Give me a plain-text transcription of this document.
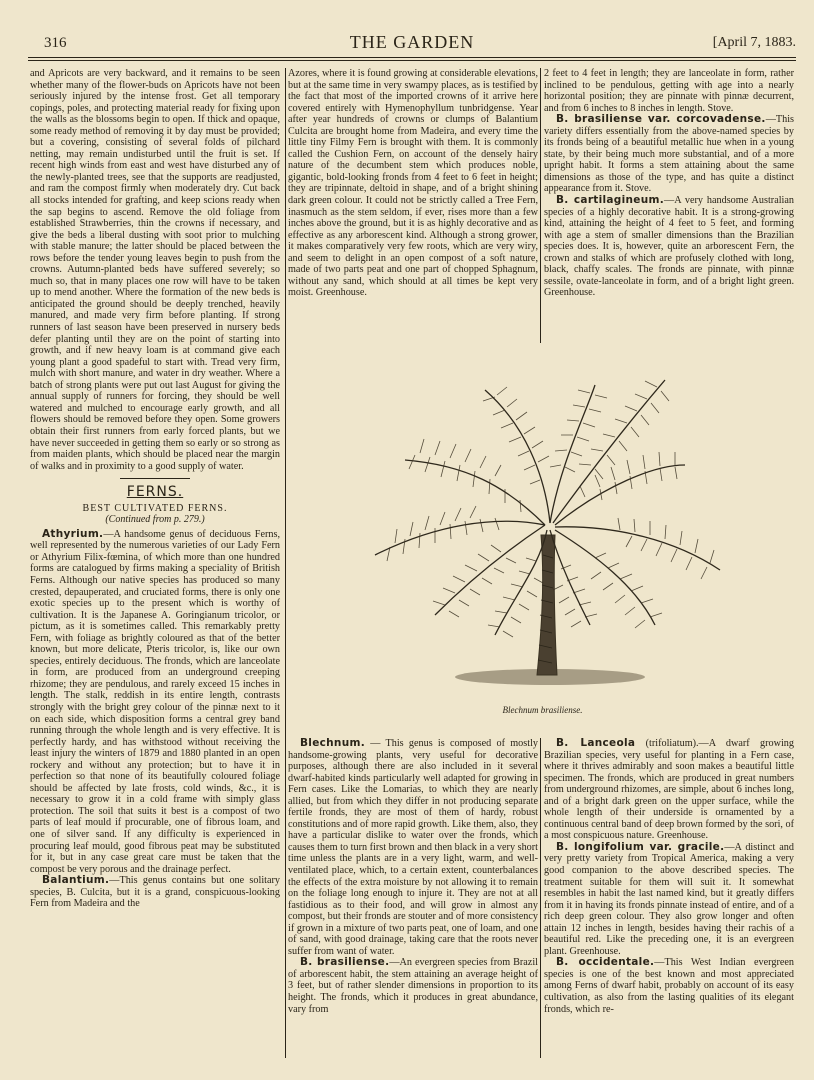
316	THE GARDEN	[April 7, 1883.

and Apricots are very backward, and it remains to be seen whether many of the flower-buds on Apricots have not been seriously injured by the intense frost. Get all temporary copings, poles, and protecting material ready for fixing upon the walls as the blossoms begin to open. If thick and opaque, some ready method of removing it by day must be provided; but a covering, consisting of several folds of pilchard netting, may remain undisturbed until the fruit is set. If recent high winds from east and west have disturbed any of the newly-planted trees, see that the supports are readjusted, and ram the compost firmly when moderately dry. Cut back all stocks intended for grafting, and keep scions ready when the sap begins to ascend. Remove the old foliage from established Strawberries, thin the crowns if necessary, and give the beds a liberal dusting with soot prior to mulching with stable manure; the latter should be placed between the rows before the tender young leaves begin to push from the crowns. Autumn-planted beds have suffered severely; so much so, that in many places one row will have to be taken up to mend another. Where the formation of the new beds is anticipated the ground should be deeply trenched, heavily manured, and made very firm before planting. If strong runners of last season have been preserved in nursery beds defer planting until they are on the point of starting into growth, and if new heavy loam is at command give each young plant a good spadeful to start with. Tread very firm, mulch with short manure, and water in dry weather. Where a batch of strong plants were put out last August for giving the annual supply of runners for forcing, they should be well watered and mulched to encourage early growth, and all flowers should be removed before they open. Some growers obtain their first runners from early forced plants, but we have never succeeded in getting them so early or so strong as from maiden plants, which should be placed near the margin of walks and in proximity to a good supply of water.

FERNS.
BEST CULTIVATED FERNS.
(Continued from p. 279.)

Athyrium.—A handsome genus of deciduous Ferns, well represented by the numerous varieties of our Lady Fern or Athyrium Filix-fœmina, of which more than one hundred forms are catalogued by firms making a speciality of British Ferns. Although our native species has produced so many crested, depauperated, and cruciated forms, there is only one exotic species up to the present which is worthy of cultivation. It is the Japanese A. Goringianum tricolor, or pictum, as it is sometimes called. This remarkably pretty Fern, with foliage as brightly coloured as that of the better known, but more delicate, Pteris tricolor, is, like our own species, entirely deciduous. The fronds, which are lanceolate in form, are produced from an underground creeping rhizome; they are pendulous, and rarely exceed 15 inches in length. The stalk, reddish in its entire length, contrasts strongly with the bright grey colour of the pinnæ next to it on each side, which disposition forms a central grey band running through the whole length and is very effective. It is perfectly hardy, and has withstood without receiving the least injury the winters of 1879 and 1880 planted in an open rockery and without any protection; but to have it in perfection so that none of its beautifully coloured foliage should be affected by late frosts, cold winds, &c., it is necessary to grow it in a cold frame with simply glass protection. The soil that suits it best is a compost of two parts of leaf mould if procurable, one of fibrous loam, and one of silver sand. If any difficulty is experienced in procuring leaf mould, good fibrous peat may be substituted for it, but in any case great care must be taken that the compost be very porous and the drainage perfect.

Balantium.—This genus contains but one solitary species, B. Culcita, but it is a grand, conspicuous-looking Fern from Madeira and the

Azores, where it is found growing at considerable elevations, but at the same time in very swampy places, as is testified by the fact that most of the imported crowns of it arrive here covered entirely with Hymenophyllum tunbridgense. Year after year hundreds of crowns or clumps of Balantium Culcita are brought home from Madeira, and every time the little tiny Filmy Fern is brought with them. It is commonly called the Cushion Fern, on account of the densely hairy nature of the decumbent stem which produces noble, gigantic, bold-looking fronds from 4 feet to 6 feet in height; they are tripinnate, deltoid in shape, and of a bright shining dark green colour. It could not be strictly called a Tree Fern, inasmuch as the stem seldom, if ever, rises more than a few inches above the ground, but it is as highly decorative and as effective as any arborescent kind. Although a strong grower, it makes comparatively very few roots, which are very wiry, and seem to delight in an open compost of a soft nature, made of two parts peat and one part of chopped Sphagnum, without any sand, which should at all times be kept very moist. Greenhouse.

2 feet to 4 feet in length; they are lanceolate in form, rather inclined to be pendulous, getting with age into a nearly horizontal position; they are pinnate with pinnæ decurrent, and from 6 inches to 8 inches in length. Stove.

B. brasiliense var. corcovadense.—This variety differs essentially from the above-named species by its fronds being of a beautiful metallic hue when in a young state, by their being much more substantial, and of a more upright habit. It forms a stem attaining about the same dimensions as those of the type, and has quite a distinct appearance from it. Stove.

B. cartilagineum.—A very handsome Australian species of a highly decorative habit. It is a strong-growing kind, attaining the height of 4 feet to 5 feet, and forming with age a stem of smaller dimensions than the Brazilian species does. It is, however, quite an arborescent Fern, the crown and stalks of which are profusely clothed with long, black, chaffy scales. The fronds are pinnate, with pinnæ sessile, ovate-lanceolate in form, and of a bright light green. Greenhouse.

Blechnum brasiliense.

Blechnum. — This genus is composed of mostly handsome-growing plants, very useful for decorative purposes, although there are also included in it several dwarf-habited kinds particularly well adapted for growing in Fern cases. Like the Lomarias, to which they are nearly allied, but from which they differ in not producing separate fertile fronds, they are most of them of hardy, robust constitutions and of more rapid growth. Like them, also, they have a particular dislike to water over the fronds, which causes them to turn first brown and then black in a very short time unless the plants are in a very light, warm, and well-ventilated place, which, to a certain extent, counterbalances the effects of the extra moisture by not allowing it to remain on the foliage long enough to injure it. They are not at all fastidious as to their food, and will grow in almost any compost, but their fronds are stouter and of more consistency if grown in a mixture of two parts peat, one of loam, and one of sand, with good drainage, taking care that the roots never suffer from want of water.

B. brasiliense.—An evergreen species from Brazil of arborescent habit, the stem attaining an average height of 3 feet, but of rather slender dimensions in proportion to its height. The fronds, which it produces in great abundance, vary from

B. Lanceola (trifoliatum).—A dwarf growing Brazilian species, very useful for planting in a Fern case, where it thrives admirably and soon makes a beautiful little specimen. The fronds, which are produced in great numbers from underground rhizomes, are simple, about 6 inches long, and of a bright dark green on the upper surface, while the whole length of their underside is ornamented by a continuous central band of deep brown formed by the sori, of a most conspicuous nature. Greenhouse.

B. longifolium var. gracile.—A distinct and very pretty variety from Tropical America, making a very good companion to the above described species. The treatment suitable for them will suit it. It somewhat resembles in habit the last named kind, but it greatly differs from it in having its fronds pinnate instead of entire, and of a rich deep green colour. They also grow longer and often attain 12 inches in length, besides having their rachis of a beautiful red. Like the preceding one, it is an evergreen plant. Greenhouse.

B. occidentale.—This West Indian evergreen species is one of the best known and most appreciated among Ferns of dwarf habit, probably on account of its easy cultivation, as also from the lasting qualities of its elegant fronds, which re-
